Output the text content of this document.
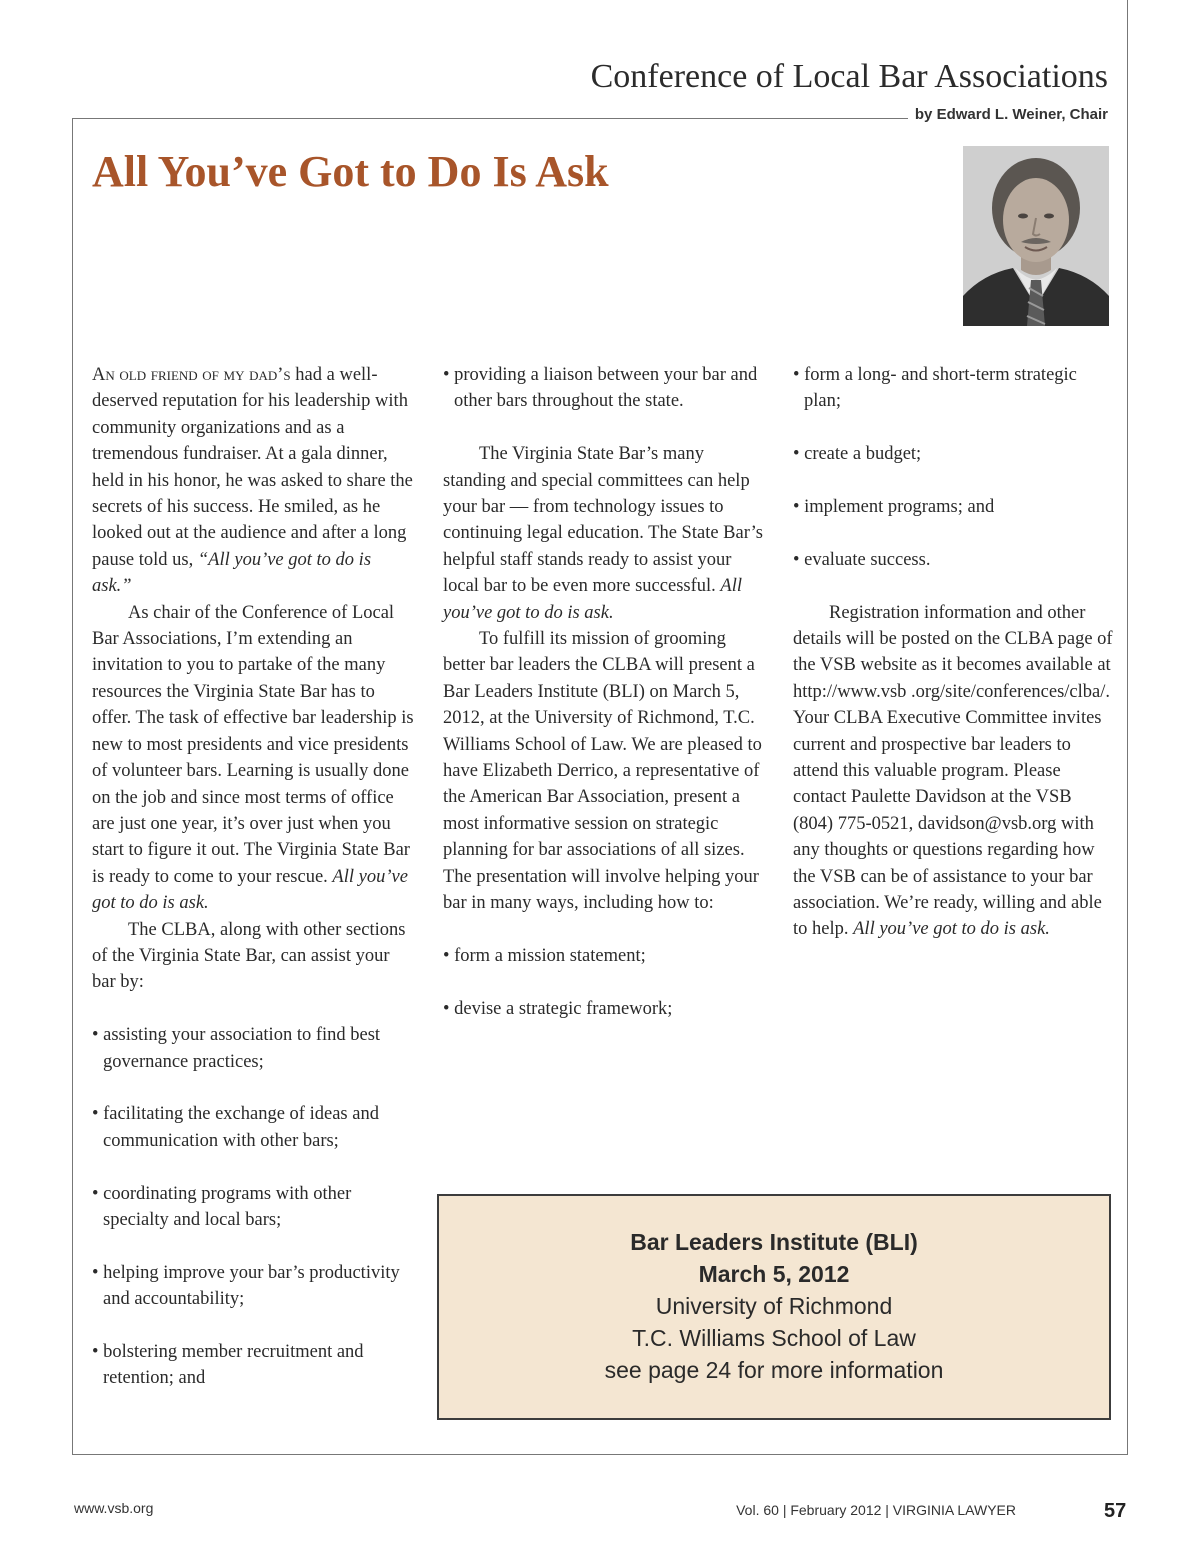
Conference of Local Bar Associations
by Edward L. Weiner, Chair
All You’ve Got to Do Is Ask

An old friend of my dad’s had a well-deserved reputation for his leadership with community organizations and as a tremendous fundraiser. At a gala dinner, held in his honor, he was asked to share the secrets of his success. He smiled, as he looked out at the audience and after a long pause told us, “All you’ve got to do is ask.”

As chair of the Conference of Local Bar Associations, I’m extending an invitation to you to partake of the many resources the Virginia State Bar has to offer. The task of effective bar leadership is new to most presidents and vice presidents of volunteer bars. Learning is usually done on the job and since most terms of office are just one year, it’s over just when you start to figure it out. The Virginia State Bar is ready to come to your rescue. All you’ve got to do is ask.

The CLBA, along with other sections of the Virginia State Bar, can assist your bar by:

• assisting your association to find best governance practices;

• facilitating the exchange of ideas and communication with other bars;

• coordinating programs with other specialty and local bars;

• helping improve your bar’s productivity and accountability;

• bolstering member recruitment and retention; and

• providing a liaison between your bar and other bars throughout the state.

The Virginia State Bar’s many standing and special committees can help your bar — from technology issues to continuing legal education. The State Bar’s helpful staff stands ready to assist your local bar to be even more successful. All you’ve got to do is ask.

To fulfill its mission of grooming better bar leaders the CLBA will present a Bar Leaders Institute (BLI) on March 5, 2012, at the University of Richmond, T.C. Williams School of Law. We are pleased to have Elizabeth Derrico, a representative of the American Bar Association, present a most informative session on strategic planning for bar associations of all sizes. The presentation will involve helping your bar in many ways, including how to:

• form a mission statement;

• devise a strategic framework;

• form a long- and short-term strategic plan;

• create a budget;

• implement programs; and

• evaluate success.

Registration information and other details will be posted on the CLBA page of the VSB website as it becomes available at http://www.vsb .org/site/conferences/clba/. Your CLBA Executive Committee invites current and prospective bar leaders to attend this valuable program. Please contact Paulette Davidson at the VSB (804) 775-0521, davidson@vsb.org with any thoughts or questions regarding how the VSB can be of assistance to your bar association. We’re ready, willing and able to help. All you’ve got to do is ask.

Bar Leaders Institute (BLI)
March 5, 2012
University of Richmond
T.C. Williams School of Law
see page 24 for more information
www.vsb.org	Vol. 60 | February 2012 | VIRGINIA LAWYER	57
